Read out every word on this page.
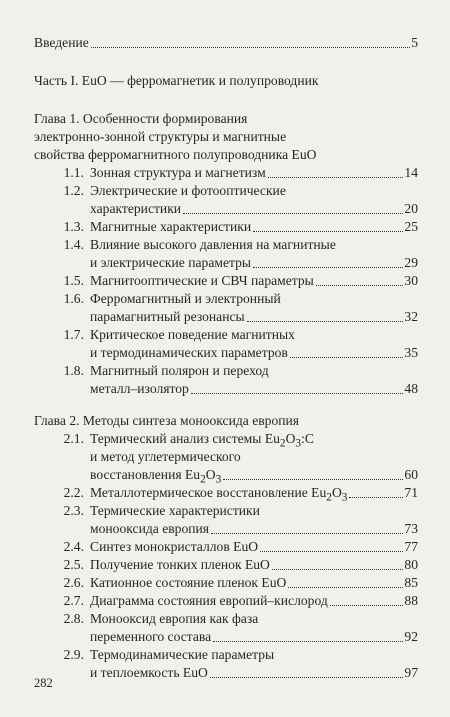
Введение	5
Часть I. EuO — ферромагнетик и полупроводник
Глава 1. Особенности формирования
электронно-зонной структуры и магнитные
свойства ферромагнитного полупроводника EuO
1.1. Зонная структура и магнетизм	14
1.2. Электрические и фотооптические
характеристики	20
1.3. Магнитные характеристики	25
1.4. Влияние высокого давления на магнитные
и электрические параметры	29
1.5. Магнитооптические и СВЧ параметры	30
1.6. Ферромагнитный и электронный
парамагнитный резонансы	32
1.7. Критическое поведение магнитных
и термодинамических параметров	35
1.8. Магнитный полярон и переход
металл–изолятор	48
Глава 2. Методы синтеза монооксида европия
2.1. Термический анализ системы $Eu_2O_3:C$
и метод углетермического
восстановления $Eu_2O_3$	60
2.2. Металлотермическое восстановление $Eu_2O_3$	71
2.3. Термические характеристики
монооксида европия	73
2.4. Синтез монокристаллов EuO	77
2.5. Получение тонких пленок EuO	80
2.6. Катионное состояние пленок EuO	85
2.7. Диаграмма состояния европий–кислород	88
2.8. Монооксид европия как фаза
переменного состава	92
2.9. Термодинамические параметры
и теплоемкость EuO	97
282
